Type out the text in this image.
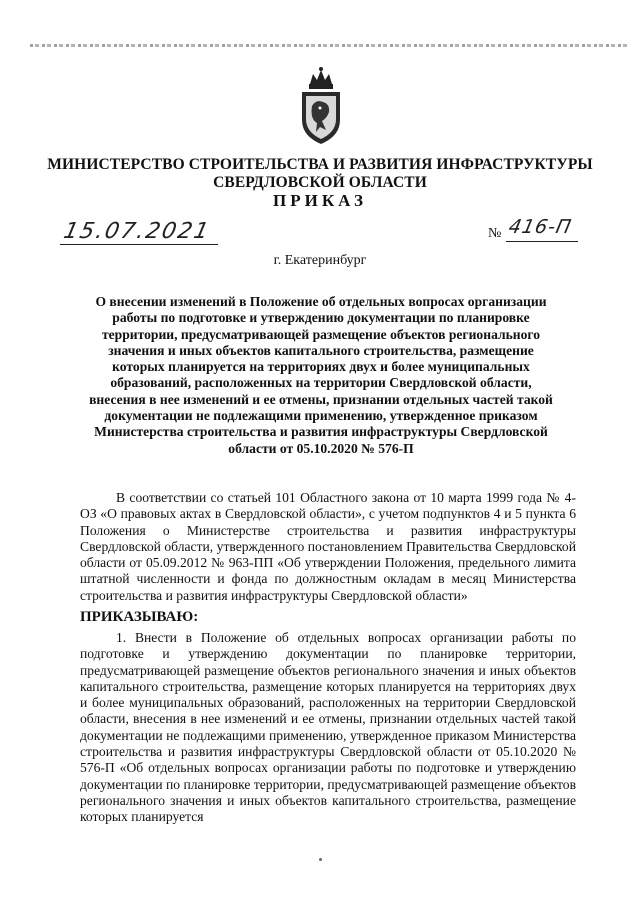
МИНИСТЕРСТВО СТРОИТЕЛЬСТВА И РАЗВИТИЯ ИНФРАСТРУКТУРЫ
СВЕРДЛОВСКОЙ ОБЛАСТИ
ПРИКАЗ
15.07.2021	№ 416-П
г. Екатеринбург

О внесении изменений в Положение об отдельных вопросах организации работы по подготовке и утверждению документации по планировке территории, предусматривающей размещение объектов регионального значения и иных объектов капитального строительства, размещение которых планируется на территориях двух и более муниципальных образований, расположенных на территории Свердловской области, внесения в нее изменений и ее отмены, признании отдельных частей такой документации не подлежащими применению, утвержденное приказом Министерства строительства и развития инфраструктуры Свердловской области от 05.10.2020 № 576-П

В соответствии со статьей 101 Областного закона от 10 марта 1999 года № 4-ОЗ «О правовых актах в Свердловской области», с учетом подпунктов 4 и 5 пункта 6 Положения о Министерстве строительства и развития инфраструктуры Свердловской области, утвержденного постановлением Правительства Свердловской области от 05.09.2012 № 963-ПП «Об утверждении Положения, предельного лимита штатной численности и фонда по должностным окладам в месяц Министерства строительства и развития инфраструктуры Свердловской области»

ПРИКАЗЫВАЮ:

1. Внести в Положение об отдельных вопросах организации работы по подготовке и утверждению документации по планировке территории, предусматривающей размещение объектов регионального значения и иных объектов капитального строительства, размещение которых планируется на территориях двух и более муниципальных образований, расположенных на территории Свердловской области, внесения в нее изменений и ее отмены, признании отдельных частей такой документации не подлежащими применению, утвержденное приказом Министерства строительства и развития инфраструктуры Свердловской области от 05.10.2020 № 576-П «Об отдельных вопросах организации работы по подготовке и утверждению документации по планировке территории, предусматривающей размещение объектов регионального значения и иных объектов капитального строительства, размещение которых планируется
